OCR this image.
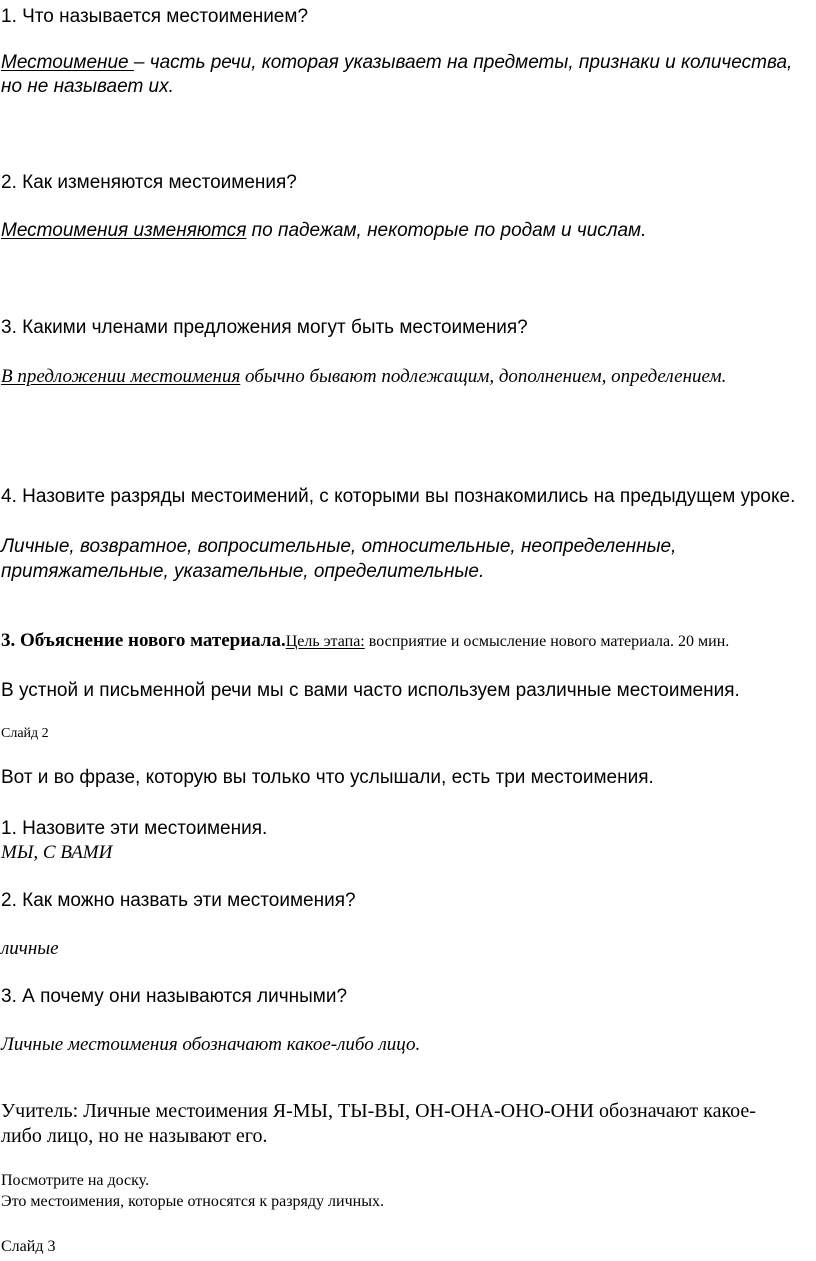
1. Что называется местоимением?
Местоимение – часть речи, которая указывает на предметы, признаки и количества,
но не называет их.
2. Как изменяются местоимения?
Местоимения изменяются по падежам, некоторые по родам и числам.
3. Какими членами предложения могут быть местоимения?
В предложении местоимения обычно бывают подлежащим, дополнением, определением.
4. Назовите разряды местоимений, с которыми вы познакомились на предыдущем уроке.
Личные, возвратное, вопросительные, относительные, неопределенные,
притяжательные, указательные, определительные.
3. Объяснение нового материала.Цель этапа: восприятие и осмысление нового материала. 20 мин.
В устной и письменной речи мы с вами часто используем различные местоимения.
Слайд 2
Вот и во фразе, которую вы только что услышали, есть три местоимения.
1. Назовите эти местоимения.
МЫ, С ВАМИ
2. Как можно назвать эти местоимения?
личные
3. А почему они называются личными?
Личные местоимения обозначают какое-либо лицо.
Учитель: Личные местоимения Я-МЫ, ТЫ-ВЫ, ОН-ОНА-ОНО-ОНИ обозначают какое-
либо лицо, но не называют его.
Посмотрите на доску.
Это местоимения, которые относятся к разряду личных.
Слайд 3
